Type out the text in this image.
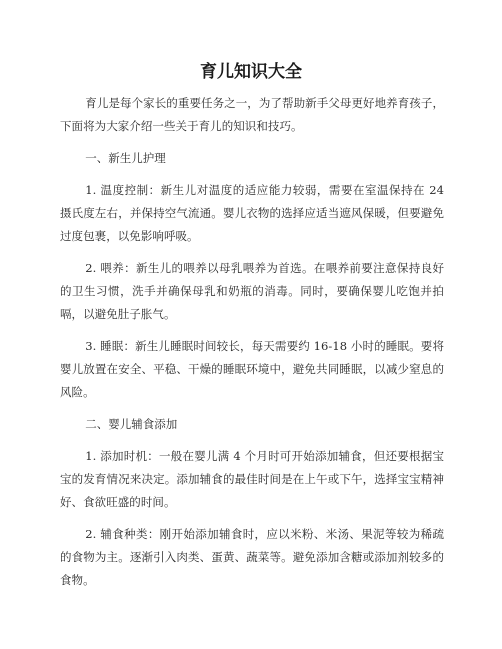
育儿知识大全

育儿是每个家长的重要任务之一，为了帮助新手父母更好地养育孩子，下面将为大家介绍一些关于育儿的知识和技巧。

一、新生儿护理

1. 温度控制：新生儿对温度的适应能力较弱，需要在室温保持在 24 摄氏度左右，并保持空气流通。婴儿衣物的选择应适当遮风保暖，但要避免过度包裹，以免影响呼吸。

2. 喂养：新生儿的喂养以母乳喂养为首选。在喂养前要注意保持良好的卫生习惯，洗手并确保母乳和奶瓶的消毒。同时，要确保婴儿吃饱并拍嗝，以避免肚子胀气。

3. 睡眠：新生儿睡眠时间较长，每天需要约 16-18 小时的睡眠。要将婴儿放置在安全、平稳、干燥的睡眠环境中，避免共同睡眠，以减少窒息的风险。

二、婴儿辅食添加

1. 添加时机：一般在婴儿满 4 个月时可开始添加辅食，但还要根据宝宝的发育情况来决定。添加辅食的最佳时间是在上午或下午，选择宝宝精神好、食欲旺盛的时间。

2. 辅食种类：刚开始添加辅食时，应以米粉、米汤、果泥等较为稀疏的食物为主。逐渐引入肉类、蛋黄、蔬菜等。避免添加含糖或添加剂较多的食物。
